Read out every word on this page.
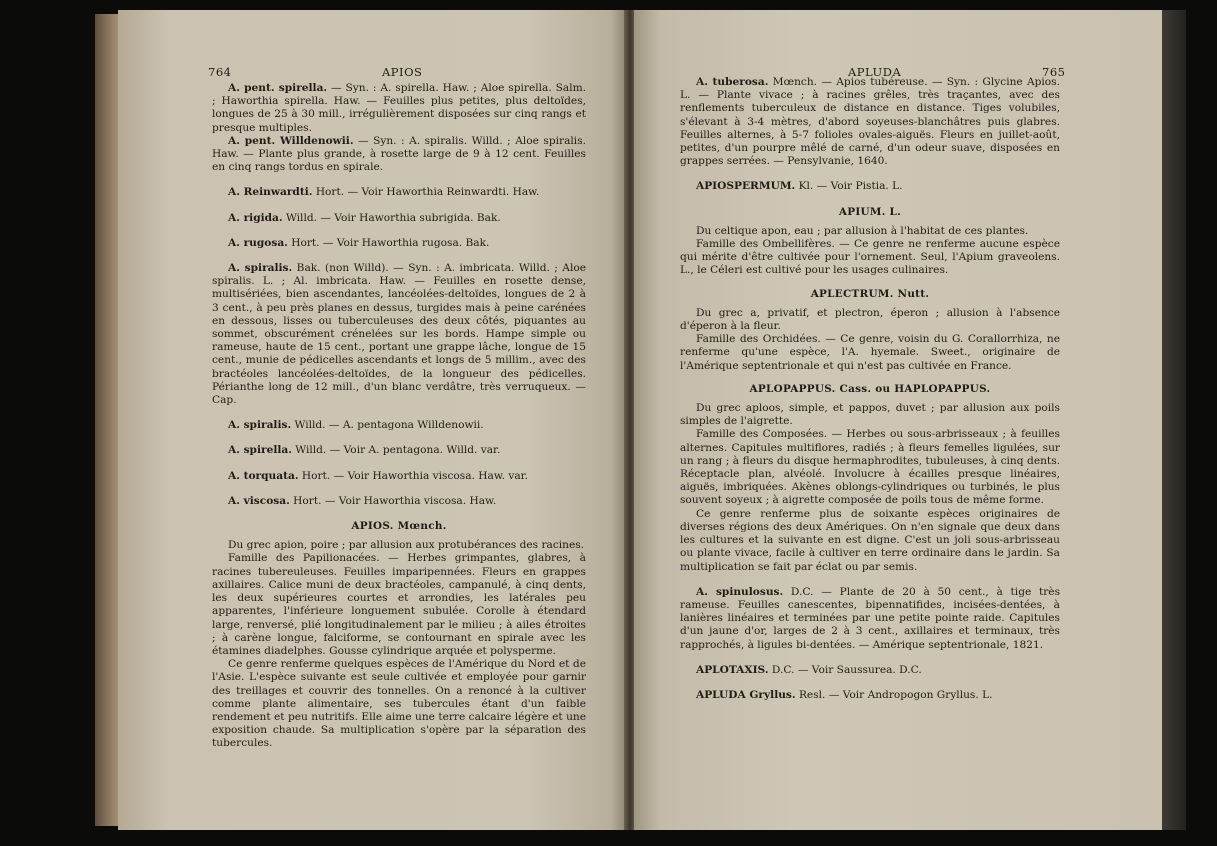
764	APIOS

A. pent. spirella. — Syn. : A. spirella. Haw. ; Aloe spirella. Salm. ; Haworthia spirella. Haw. — Feuilles plus petites, plus deltoïdes, longues de 25 à 30 mill., irrégulièrement disposées sur cinq rangs et presque multiples.

A. pent. Willdenowii. — Syn. : A. spiralis. Willd. ; Aloe spiralis. Haw. — Plante plus grande, à rosette large de 9 à 12 cent. Feuilles en cinq rangs tordus en spirale.

A. Reinwardti. Hort. — Voir Haworthia Reinwardti. Haw.

A. rigida. Willd. — Voir Haworthia subrigida. Bak.

A. rugosa. Hort. — Voir Haworthia rugosa. Bak.

A. spiralis. Bak. (non Willd). — Syn. : A. imbricata. Willd. ; Aloe spiralis. L. ; Al. imbricata. Haw. — Feuilles en rosette dense, multisériées, bien ascendantes, lancéolées-deltoïdes, longues de 2 à 3 cent., à peu près planes en dessus, turgides mais à peine carénées en dessous, lisses ou tuberculeuses des deux côtés, piquantes au sommet, obscurément crénelées sur les bords. Hampe simple ou rameuse, haute de 15 cent., portant une grappe lâche, longue de 15 cent., munie de pédicelles ascendants et longs de 5 millim., avec des bractéoles lancéolées-deltoïdes, de la longueur des pédicelles. Périanthe long de 12 mill., d'un blanc verdâtre, très verruqueux. — Cap.

A. spiralis. Willd. — A. pentagona Willdenowii.

A. spirella. Willd. — Voir A. pentagona. Willd. var.

A. torquata. Hort. — Voir Haworthia viscosa. Haw. var.

A. viscosa. Hort. — Voir Haworthia viscosa. Haw.

APIOS. Mœnch.

Du grec apion, poire ; par allusion aux protubérances des racines.

Famille des Papilionacées. — Herbes grimpantes, glabres, à racines tubereuleuses. Feuilles imparipennées. Fleurs en grappes axillaires. Calice muni de deux bractéoles, campanulé, à cinq dents, les deux supérieures courtes et arrondies, les latérales peu apparentes, l'inférieure longuement subulée. Corolle à étendard large, renversé, plié longitudinalement par le milieu ; à ailes étroites ; à carène longue, falciforme, se contournant en spirale avec les étamines diadelphes. Gousse cylindrique arquée et polysperme.

Ce genre renferme quelques espèces de l'Amérique du Nord et de l'Asie. L'espèce suivante est seule cultivée et employée pour garnir des treillages et couvrir des tonnelles. On a renoncé à la cultiver comme plante alimentaire, ses tubercules étant d'un faible rendement et peu nutritifs. Elle aime une terre calcaire légère et une exposition chaude. Sa multiplication s'opère par la séparation des tubercules.

APLUDA	765

A. tuberosa. Mœnch. — Apios tubéreuse. — Syn. : Glycine Apios. L. — Plante vivace ; à racines grêles, très traçantes, avec des renflements tuberculeux de distance en distance. Tiges volubiles, s'élevant à 3-4 mètres, d'abord soyeuses-blanchâtres puis glabres. Feuilles alternes, à 5-7 folioles ovales-aiguës. Fleurs en juillet-août, petites, d'un pourpre mêlé de carné, d'un odeur suave, disposées en grappes serrées. — Pensylvanie, 1640.

APIOSPERMUM. Kl. — Voir Pistia. L.

APIUM. L.

Du celtique apon, eau ; par allusion à l'habitat de ces plantes.

Famille des Ombellifères. — Ce genre ne renferme aucune espèce qui mérite d'être cultivée pour l'ornement. Seul, l'Apium graveolens. L., le Céleri est cultivé pour les usages culinaires.

APLECTRUM. Nutt.

Du grec a, privatif, et plectron, éperon ; allusion à l'absence d'éperon à la fleur.

Famille des Orchidées. — Ce genre, voisin du G. Corallorrhiza, ne renferme qu'une espèce, l'A. hyemale. Sweet., originaire de l'Amérique septentrionale et qui n'est pas cultivée en France.

APLOPAPPUS. Cass. ou HAPLOPAPPUS.

Du grec aploos, simple, et pappos, duvet ; par allusion aux poils simples de l'aigrette.

Famille des Composées. — Herbes ou sous-arbrisseaux ; à feuilles alternes. Capitules multiflores, radiés ; à fleurs femelles ligulées, sur un rang ; à fleurs du disque hermaphrodites, tubuleuses, à cinq dents. Réceptacle plan, alvéolé. Involucre à écailles presque linéaires, aiguës, imbriquées. Akènes oblongs-cylindriques ou turbinés, le plus souvent soyeux ; à aigrette composée de poils tous de même forme.

Ce genre renferme plus de soixante espèces originaires de diverses régions des deux Amériques. On n'en signale que deux dans les cultures et la suivante en est digne. C'est un joli sous-arbrisseau ou plante vivace, facile à cultiver en terre ordinaire dans le jardin. Sa multiplication se fait par éclat ou par semis.

A. spinulosus. D.C. — Plante de 20 à 50 cent., à tige très rameuse. Feuilles canescentes, bipennatifides, incisées-dentées, à lanières linéaires et terminées par une petite pointe raide. Capitules d'un jaune d'or, larges de 2 à 3 cent., axillaires et terminaux, très rapprochés, à ligules bi-dentées. — Amérique septentrionale, 1821.

APLOTAXIS. D.C. — Voir Saussurea. D.C.

APLUDA Gryllus. Resl. — Voir Andropogon Gryllus. L.
